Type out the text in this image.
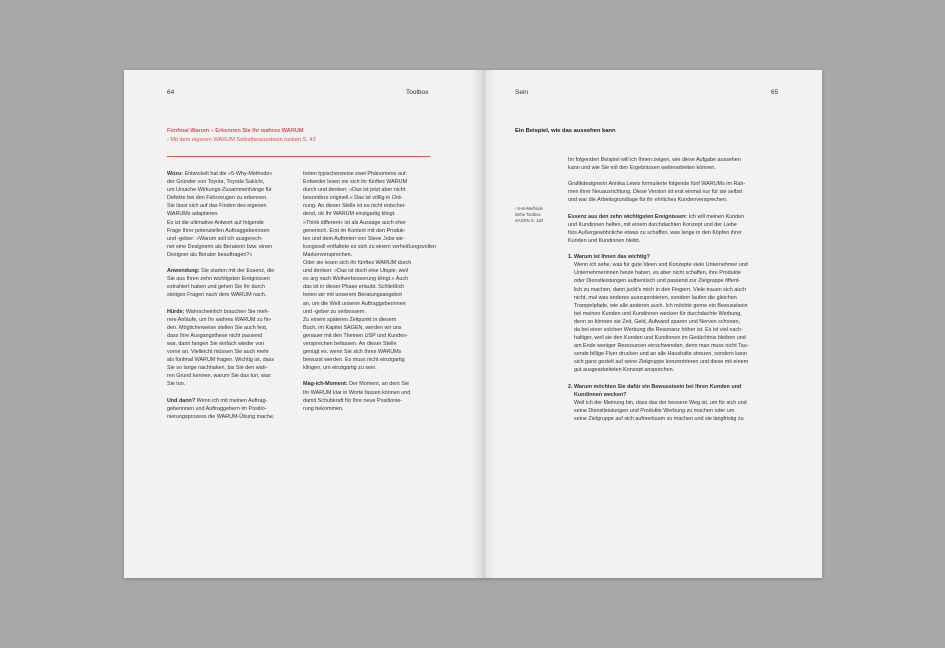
64	Toolbox
Fünfmal Warum – Erkennen Sie Ihr wahres WARUM
› Mit dem eigenen WARUM Selbstbewusstsein tanken S. 43

Wozu: Entwickelt hat die »5-Why-Methode«
der Gründer von Toyota, Toyoda Sakichi,
um Ursache-Wirkungs-Zusammenhänge für
Defekte bei den Fahrzeugen zu erkennen.
Sie lässt sich auf das Finden des eigenen
WARUMs adaptieren.
Es ist die ultimative Antwort auf folgende
Frage Ihrer potenziellen Auftraggeberinnen
und -geber: »Warum soll ich ausgerech-
net eine Designerin als Beraterin bzw. einen
Designer als Berater beauftragen?«

Anwendung: Sie starten mit der Essenz, die
Sie aus Ihren zehn wichtigsten Ereignissen
extrahiert haben und gehen Sie Ihr durch
stetiges Fragen nach dem WARUM nach.

Hürde: Wahrscheinlich brauchen Sie meh-
rere Anläufe, um Ihr wahres WARUM zu fin-
den. Möglicherweise stellen Sie auch fest,
dass Ihre Ausgangsthese nicht passend
war, dann fangen Sie einfach wieder von
vorne an. Vielleicht müssen Sie auch mehr
als fünfmal WARUM fragen. Wichtig ist, dass
Sie so lange nachhaken, bis Sie den wah-
ren Grund kennen, warum Sie das tun, was
Sie tun.

Und dann? Wenn ich mit meinen Auftrag-
geberinnen und Auftraggebern im Positio-
nierungsprozess die WARUM-Übung mache,

treten typischerweise zwei Phänomene auf.
Entweder lesen sie sich ihr fünftes WARUM
durch und denken: »Das ist jetzt aber nicht
besonders originell.« Das ist völlig in Ord-
nung. An dieser Stelle ist es nicht entschei-
dend, ob Ihr WARUM einzigartig klingt.
»Think different« ist als Aussage auch eher
generisch. Erst im Kontext mit den Produk-
ten und dem Auftreten von Steve Jobs wir-
kungsvoll entfaltete es sich zu einem verheißungsvollen
Markenversprechen.
Oder sie lesen sich ihr fünftes WARUM durch
und denken: »Das ist doch eine Utopie, weil
es arg nach Weltverbesserung klingt.« Auch
das ist in dieser Phase erlaubt. Schließlich
treten wir mit unserem Beratungsangebot
an, um die Welt unserer Auftraggeberinnen
und -geber zu verbessern.
Zu einem späteren Zeitpunkt in diesem
Buch, im Kapitel SAGEN, werden wir uns
genauer mit den Themen USP und Kunden-
versprechen befassen. An dieser Stelle
genügt es, wenn Sie sich Ihres WARUMs
bewusst werden. Es muss nicht einzigartig
klingen, um einzigartig zu sein.

Mag-ich-Moment: Der Moment, an dem Sie
Ihr WARUM klar in Worte fassen können und
damit Schubkraft für Ihre neue Positionie-
rung bekommen.

Sein	65
Ein Beispiel, wie das aussehen kann
› 5-W-Methode
siehe Toolbox
SAGEN S. 130

Im folgenden Beispiel will ich Ihnen zeigen, wie diese Aufgabe aussehen
kann und wie Sie mit den Ergebnissen weiterarbeiten können.

Grafikdesignerin Annika Lewis formulierte folgende fünf WARUMs im Rah-
men ihrer Neuausrichtung. Diese Version ist erst einmal nur für sie selbst
und war die Arbeitsgrundlage für ihr ehrliches Kundenversprechen.

Essenz aus den zehn wichtigsten Ereignissen: Ich will meinen Kunden
und Kundinnen helfen, mit einem durchdachten Konzept und der Liebe
fürs Außergewöhnliche etwas zu schaffen, was lange in den Köpfen ihrer
Kunden und Kundinnen bleibt.

1. Warum ist Ihnen das wichtig?

Wenn ich sehe, was für gute Ideen und Konzepte viele Unternehmer und
Unternehmerinnen heute haben, es aber nicht schaffen, ihre Produkte
oder Dienstleistungen authentisch und passend zur Zielgruppe öffent-
lich zu machen, dann juckt's mich in den Fingern. Viele trauen sich auch
nicht, mal was anderes auszuprobieren, sondern laufen die gleichen
Trampelpfade, wie alle anderen auch. Ich möchte gerne ein Bewusstsein
bei meinen Kunden und Kundinnen wecken für durchdachte Werbung,
denn so können sie Zeit, Geld, Aufwand sparen und Nerven schonen,
da bei einer solchen Werbung die Resonanz höher ist. Es ist viel nach-
haltiger, weil sie den Kunden und Kundinnen im Gedächtnis bleiben und
am Ende weniger Ressourcen verschwenden, denn man muss nicht Tau-
sende billige Flyer drucken und an alle Haushalte streuen, sondern kann
sich ganz gezielt auf seine Zielgruppe konzentrieren und diese mit einem
gut ausgearbeiteten Konzept ansprechen.

2. Warum möchten Sie dafür ein Bewusstsein bei Ihren Kunden und
Kundinnen wecken?

Weil ich der Meinung bin, dass das der bessere Weg ist, um für sich und
seine Dienstleistungen und Produkte Werbung zu machen oder um
seine Zielgruppe auf sich aufmerksam zu machen und sie langfristig zu
